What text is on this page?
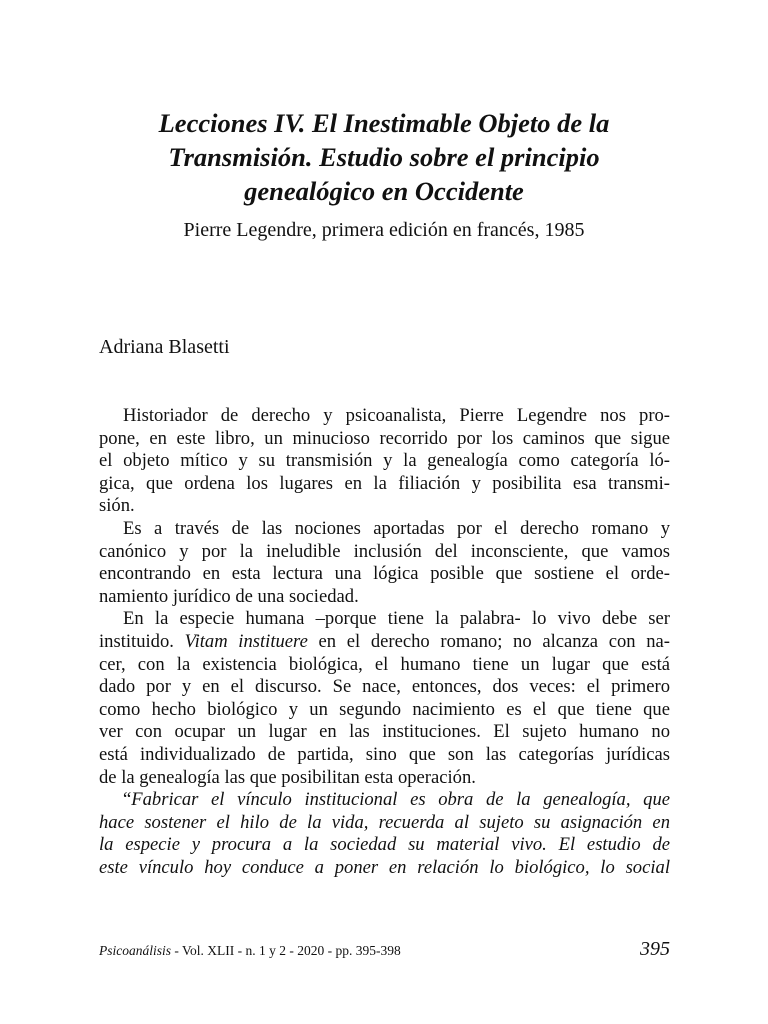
Lecciones IV. El Inestimable Objeto de la
Transmisión. Estudio sobre el principio
genealógico en Occidente
Pierre Legendre, primera edición en francés, 1985
Adriana Blasetti

Historiador de derecho y psicoanalista, Pierre Legendre nos pro-
pone, en este libro, un minucioso recorrido por los caminos que sigue
el objeto mítico y su transmisión y la genealogía como categoría ló-
gica, que ordena los lugares en la filiación y posibilita esa transmi-
sión.

Es a través de las nociones aportadas por el derecho romano y
canónico y por la ineludible inclusión del inconsciente, que vamos
encontrando en esta lectura una lógica posible que sostiene el orde-
namiento jurídico de una sociedad.

En la especie humana –porque tiene la palabra- lo vivo debe ser
instituido. Vitam instituere en el derecho romano; no alcanza con na-
cer, con la existencia biológica, el humano tiene un lugar que está
dado por y en el discurso. Se nace, entonces, dos veces: el primero
como hecho biológico y un segundo nacimiento es el que tiene que
ver con ocupar un lugar en las instituciones. El sujeto humano no
está individualizado de partida, sino que son las categorías jurídicas
de la genealogía las que posibilitan esta operación.

“Fabricar el vínculo institucional es obra de la genealogía, que
hace sostener el hilo de la vida, recuerda al sujeto su asignación en
la especie y procura a la sociedad su material vivo. El estudio de
este vínculo hoy conduce a poner en relación lo biológico, lo social

Psicoanálisis - Vol. XLII - n. 1 y 2 - 2020 - pp. 395-398	395
